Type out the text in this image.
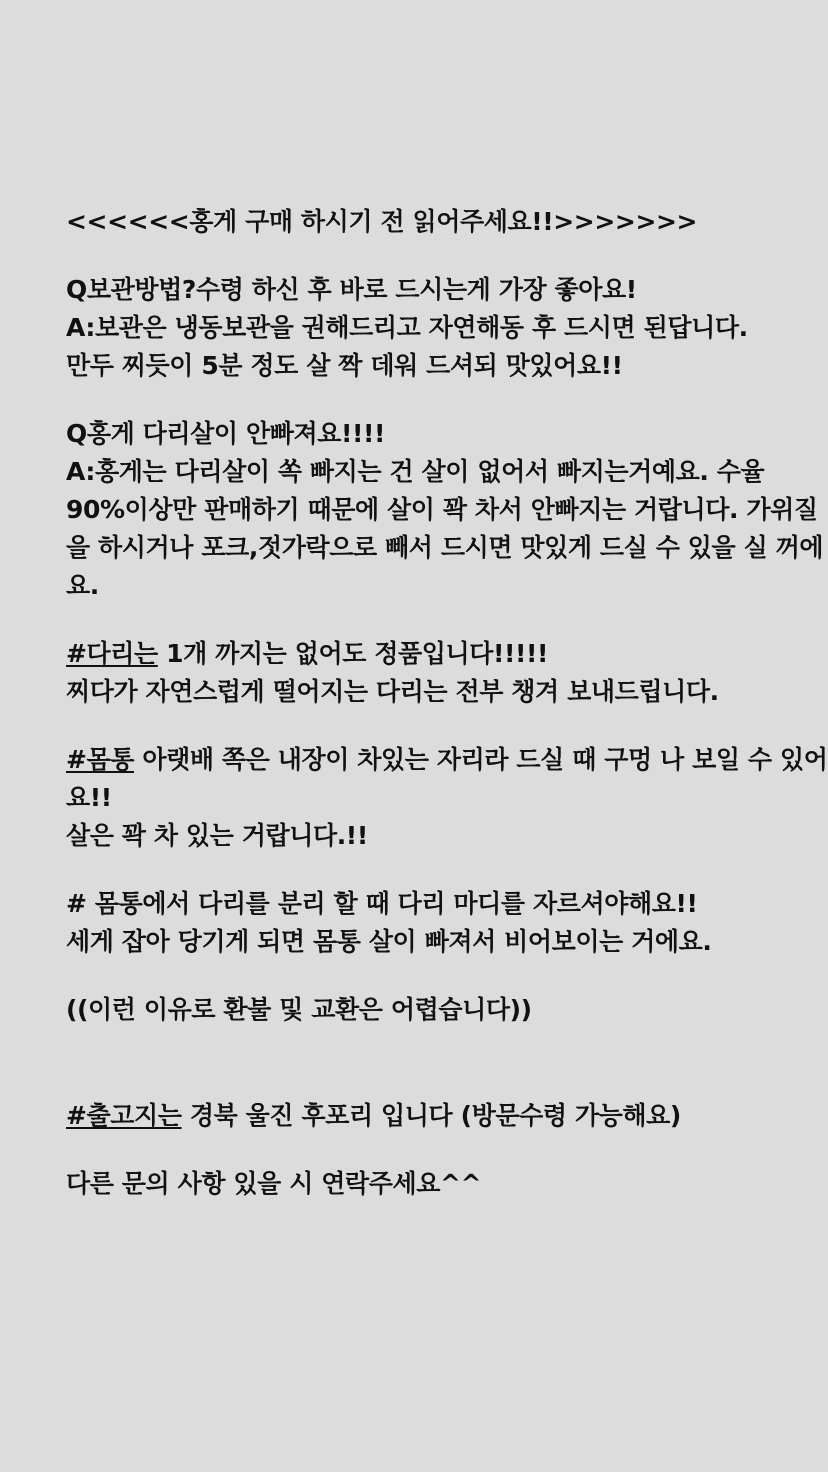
<<<<<<홍게 구매 하시기 전 읽어주세요!!>>>>>>>
Q보관방법?수령 하신 후 바로 드시는게 가장 좋아요!
A:보관은 냉동보관을 권해드리고 자연해동 후 드시면 된답니다.
만두 찌듯이 5분 정도 살 짝 데워 드셔되 맛있어요!!
Q홍게 다리살이 안빠져요!!!!
A:홍게는 다리살이 쏙 빠지는 건 살이 없어서 빠지는거예요. 수율
90%이상만 판매하기 때문에 살이 꽉 차서 안빠지는 거랍니다. 가위질
을 하시거나 포크,젓가락으로 빼서 드시면 맛있게 드실 수 있을 실 꺼에
요.
#다리는 1개 까지는 없어도 정품입니다!!!!!
찌다가 자연스럽게 떨어지는 다리는 전부 챙겨 보내드립니다.
#몸통 아랫배 쪽은 내장이 차있는 자리라 드실 때 구멍 나 보일 수 있어
요!!
살은 꽉 차 있는 거랍니다.!!
# 몸통에서 다리를 분리 할 때 다리 마디를 자르셔야해요!!
세게 잡아 당기게 되면 몸통 살이 빠져서 비어보이는 거에요.
((이런 이유로 환불 및 교환은 어렵습니다))
#출고지는 경북 울진 후포리 입니다 (방문수령 가능해요)
다른 문의 사항 있을 시 연락주세요^^
